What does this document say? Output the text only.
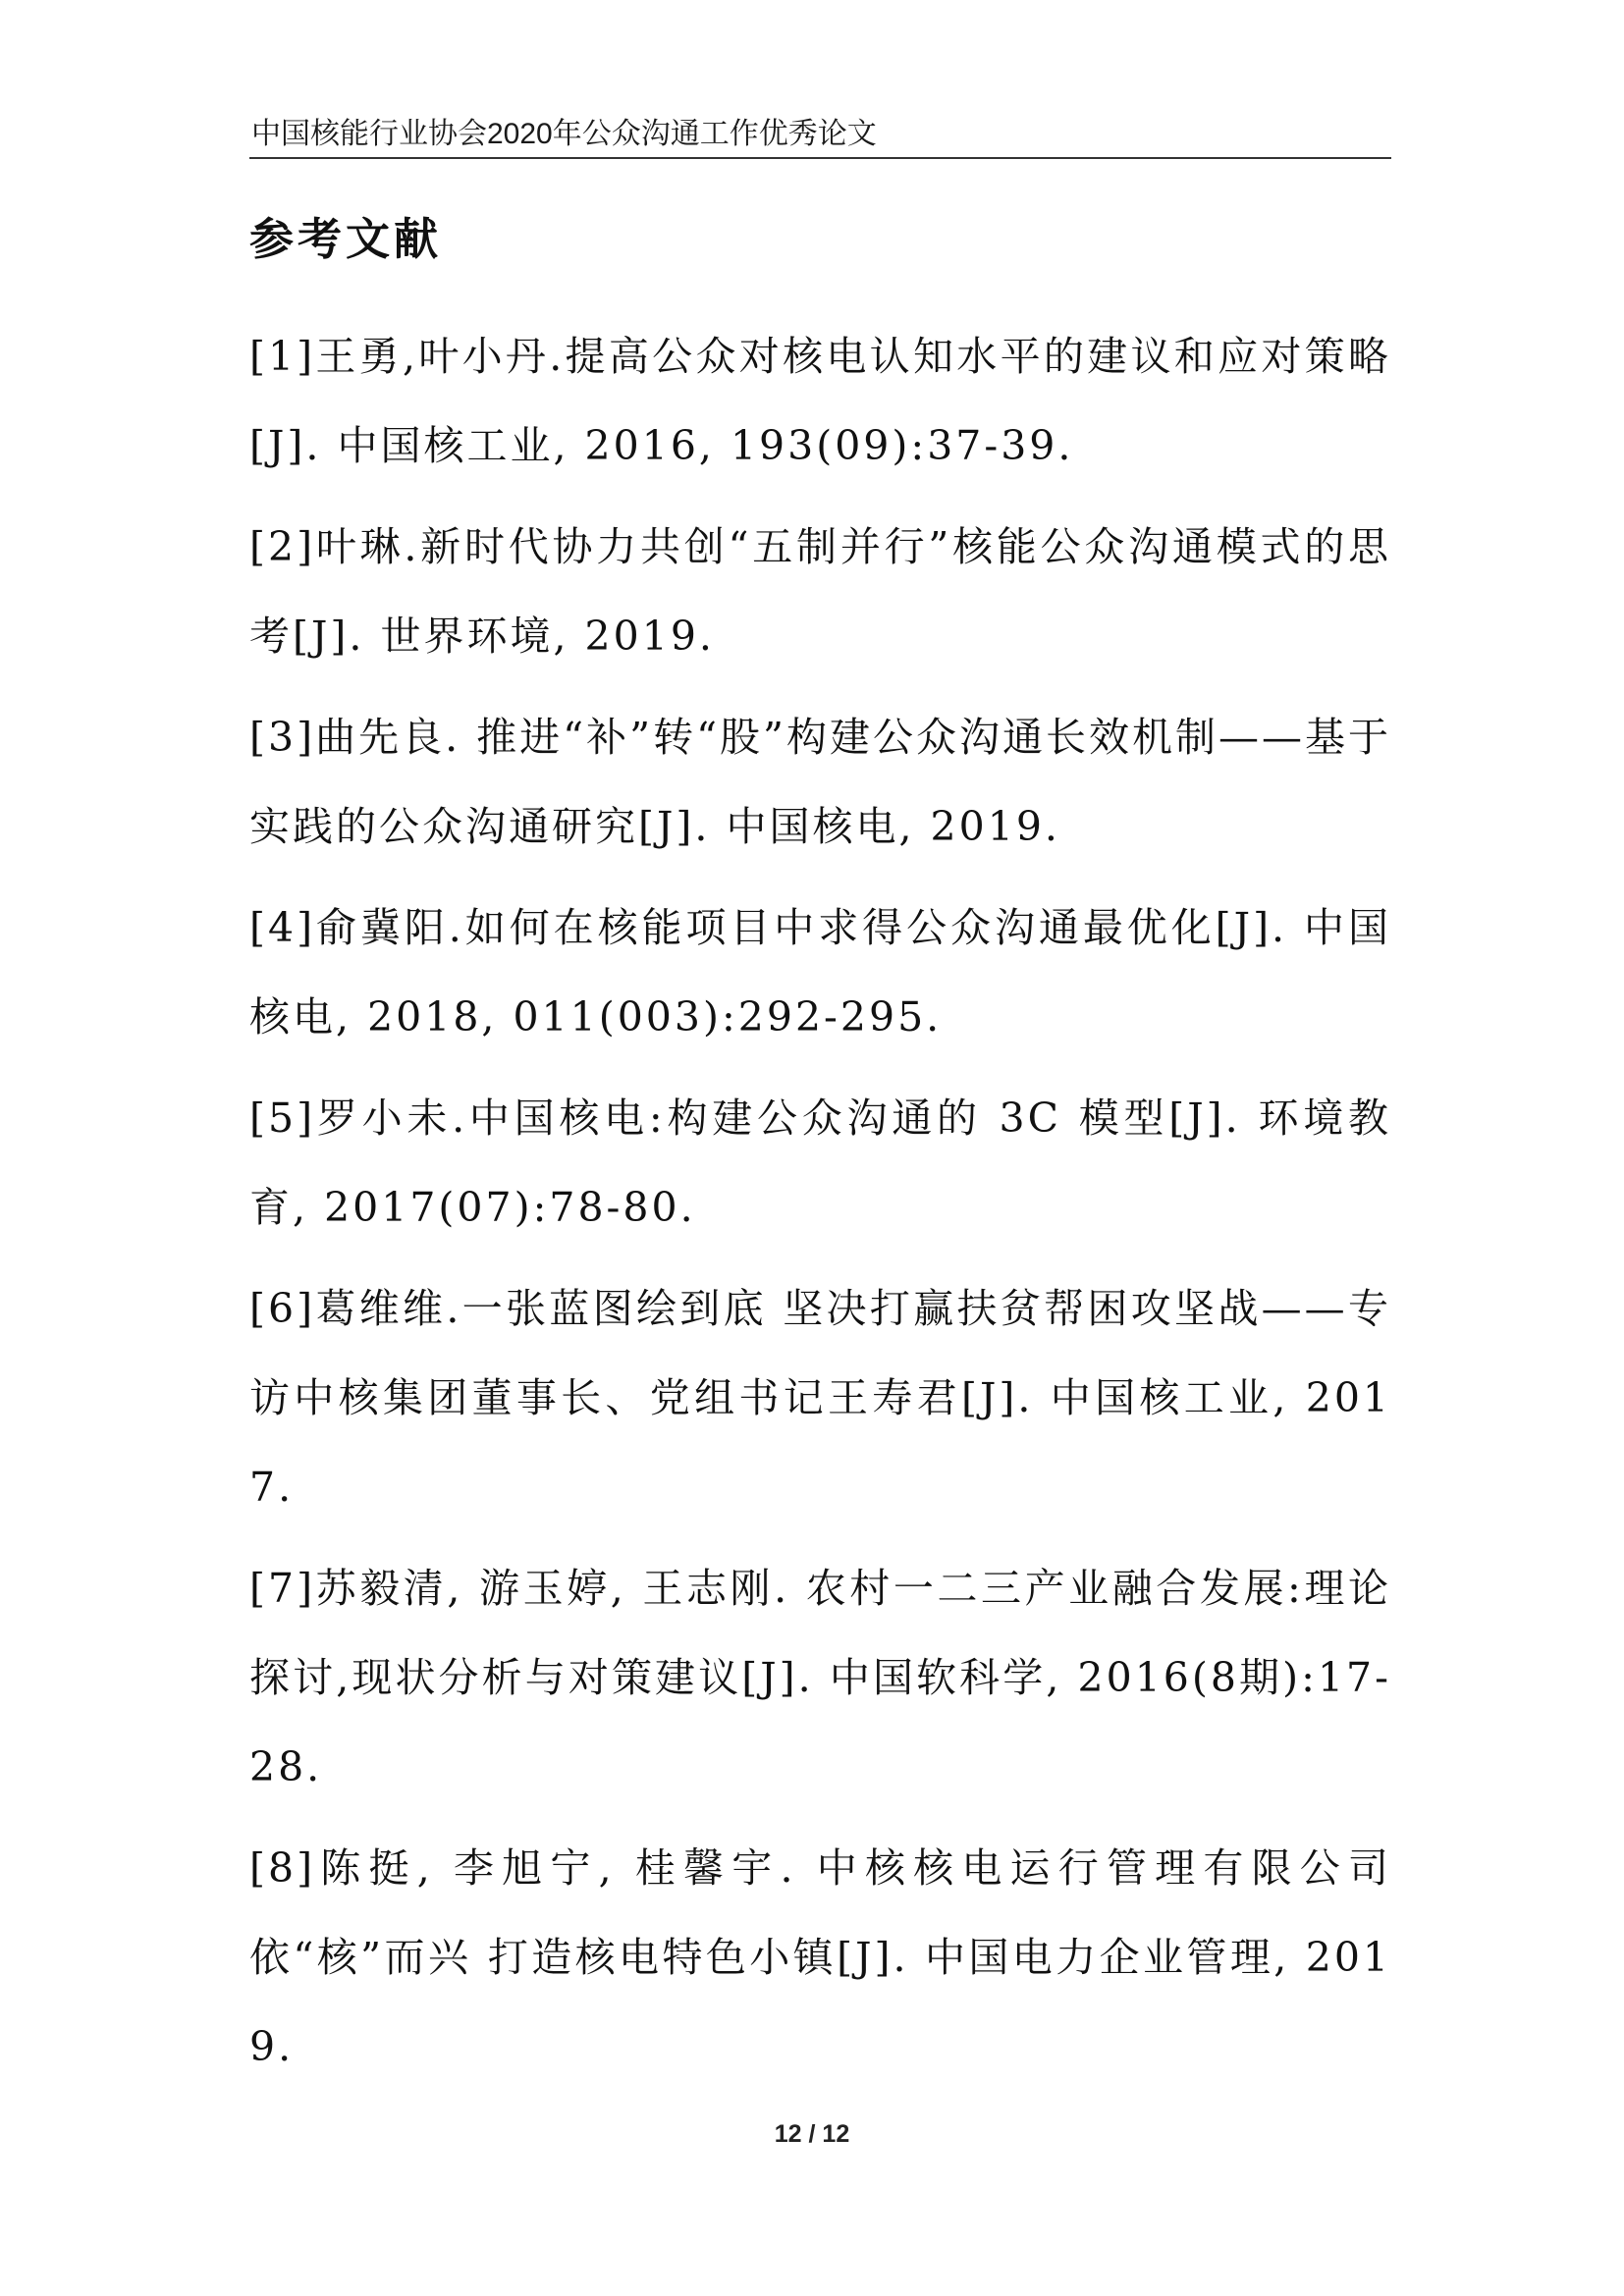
中国核能行业协会2020年公众沟通工作优秀论文
参考文献
[1]王勇,叶小丹.提高公众对核电认知水平的建议和应对策略[J]. 中国核工业, 2016, 193(09):37-39.
[2]叶琳.新时代协力共创“五制并行”核能公众沟通模式的思考[J]. 世界环境, 2019.
[3]曲先良. 推进“补”转“股”构建公众沟通长效机制——基于实践的公众沟通研究[J]. 中国核电, 2019.
[4]俞冀阳.如何在核能项目中求得公众沟通最优化[J]. 中国核电, 2018, 011(003):292-295.
[5]罗小未.中国核电:构建公众沟通的 3C 模型[J]. 环境教育, 2017(07):78-80.
[6]葛维维.一张蓝图绘到底 坚决打赢扶贫帮困攻坚战——专访中核集团董事长、党组书记王寿君[J]. 中国核工业, 2017.
[7]苏毅清, 游玉婷, 王志刚. 农村一二三产业融合发展:理论探讨,现状分析与对策建议[J]. 中国软科学, 2016(8期):17-28.
[8]陈挺, 李旭宁, 桂馨宇. 中核核电运行管理有限公司依“核”而兴 打造核电特色小镇[J]. 中国电力企业管理, 2019.
12 / 12
